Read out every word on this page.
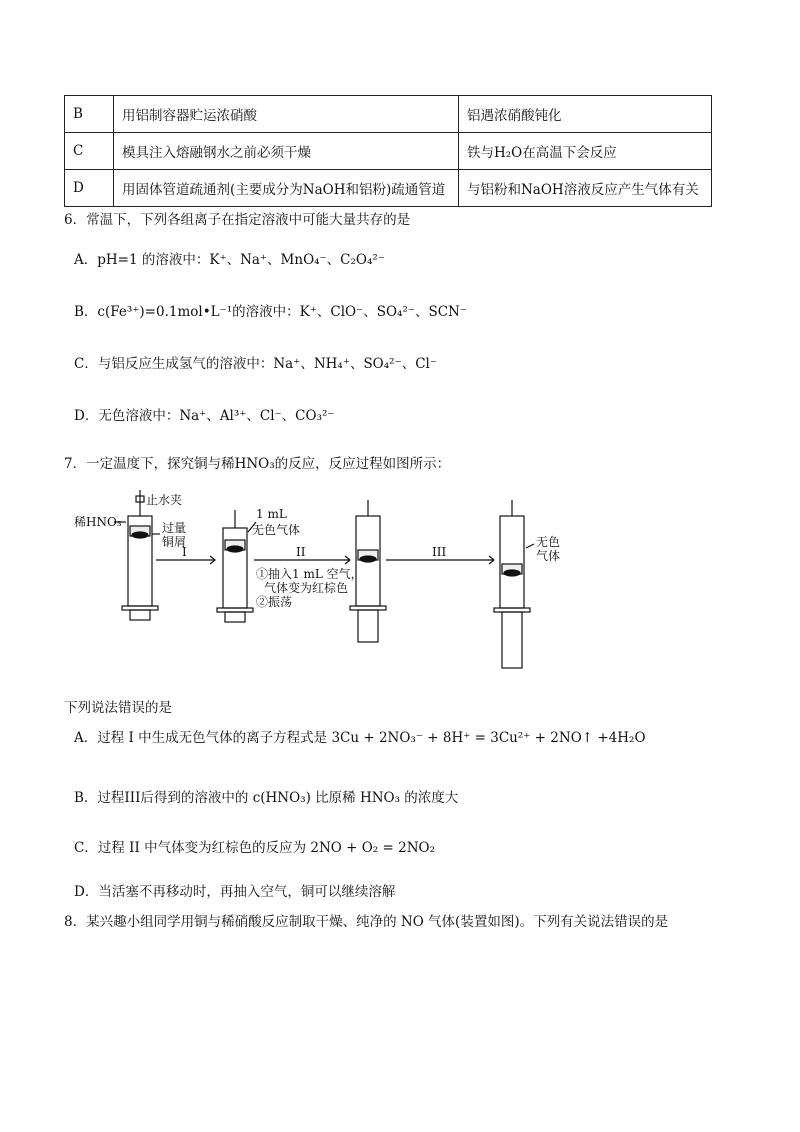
B	用铝制容器贮运浓硝酸	铝遇浓硝酸钝化
C	模具注入熔融钢水之前必须干燥	铁与H₂O在高温下会反应
D	用固体管道疏通剂(主要成分为NaOH和铝粉)疏通管道	与铝粉和NaOH溶液反应产生气体有关
6．常温下，下列各组离子在指定溶液中可能大量共存的是
A．pH=1 的溶液中：K⁺、Na⁺、MnO₄⁻、C₂O₄²⁻
B．c(Fe³⁺)=0.1mol•L⁻¹的溶液中：K⁺、ClO⁻、SO₄²⁻、SCN⁻
C．与铝反应生成氢气的溶液中：Na⁺、NH₄⁺、SO₄²⁻、Cl⁻
D．无色溶液中：Na⁺、Al³⁺、Cl⁻、CO₃²⁻
7．一定温度下，探究铜与稀HNO₃的反应，反应过程如图所示：
止水夹
稀HNO₃	过量
铜屑
1 mL
无色气体
I	II
①抽入1 mL 空气，
气体变为红棕色
②振荡
III
无色
气体
下列说法错误的是
A．过程 I 中生成无色气体的离子方程式是 3Cu + 2NO₃⁻ + 8H⁺ = 3Cu²⁺ + 2NO↑ +4H₂O
B．过程III后得到的溶液中的 c(HNO₃) 比原稀 HNO₃ 的浓度大
C．过程 II 中气体变为红棕色的反应为 2NO + O₂ = 2NO₂
D．当活塞不再移动时，再抽入空气，铜可以继续溶解
8．某兴趣小组同学用铜与稀硝酸反应制取干燥、纯净的 NO 气体(装置如图)。下列有关说法错误的是
